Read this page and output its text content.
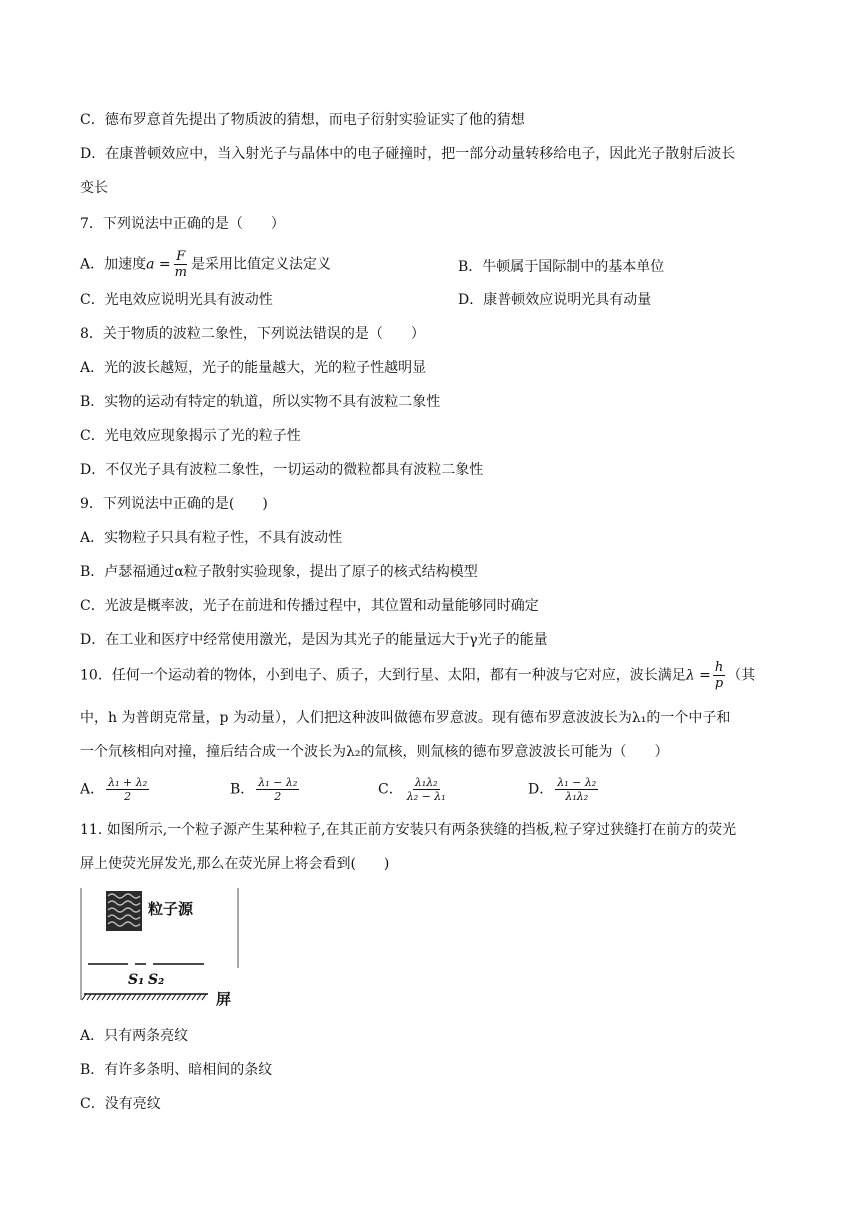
C．德布罗意首先提出了物质波的猜想，而电子衍射实验证实了他的猜想
D．在康普顿效应中，当入射光子与晶体中的电子碰撞时，把一部分动量转移给电子，因此光子散射后波长
变长
7．下列说法中正确的是（　　）
A．加速度$a = \frac{F}{m}$ 是采用比值定义法定义	B．牛顿属于国际制中的基本单位
C．光电效应说明光具有波动性	D．康普顿效应说明光具有动量
8．关于物质的波粒二象性，下列说法错误的是（　　）
A．光的波长越短，光子的能量越大，光的粒子性越明显
B．实物的运动有特定的轨道，所以实物不具有波粒二象性
C．光电效应现象揭示了光的粒子性
D．不仅光子具有波粒二象性，一切运动的微粒都具有波粒二象性
9．下列说法中正确的是(　　)
A．实物粒子只具有粒子性，不具有波动性
B．卢瑟福通过α粒子散射实验现象，提出了原子的核式结构模型
C．光波是概率波，光子在前进和传播过程中，其位置和动量能够同时确定
D．在工业和医疗中经常使用激光，是因为其光子的能量远大于γ光子的能量
10．任何一个运动着的物体，小到电子、质子，大到行星、太阳，都有一种波与它对应，波长满足$\lambda = \frac{h}{p}$ （其
中，h 为普朗克常量，p 为动量），人们把这种波叫做德布罗意波。现有德布罗意波波长为λ₁的一个中子和
一个氘核相向对撞，撞后结合成一个波长为λ₂的氚核，则氚核的德布罗意波波长可能为（　　）
A． $\frac{\text{λ₁ + λ₂}}{2}$	B． $\frac{\text{λ₁ − λ₂}}{2}$	C． $\frac{\text{λ₁λ₂}}{\text{λ₂ − λ₁}}$	D． $\frac{\text{λ₁ − λ₂}}{\text{λ₁λ₂}}$
11. 如图所示,一个粒子源产生某种粒子,在其正前方安装只有两条狭缝的挡板,粒子穿过狭缝打在前方的荧光
屏上使荧光屏发光,那么在荧光屏上将会看到(　　)
粒子源
S₁ S₂
屏
A．只有两条亮纹
B．有许多条明、暗相间的条纹
C．没有亮纹
